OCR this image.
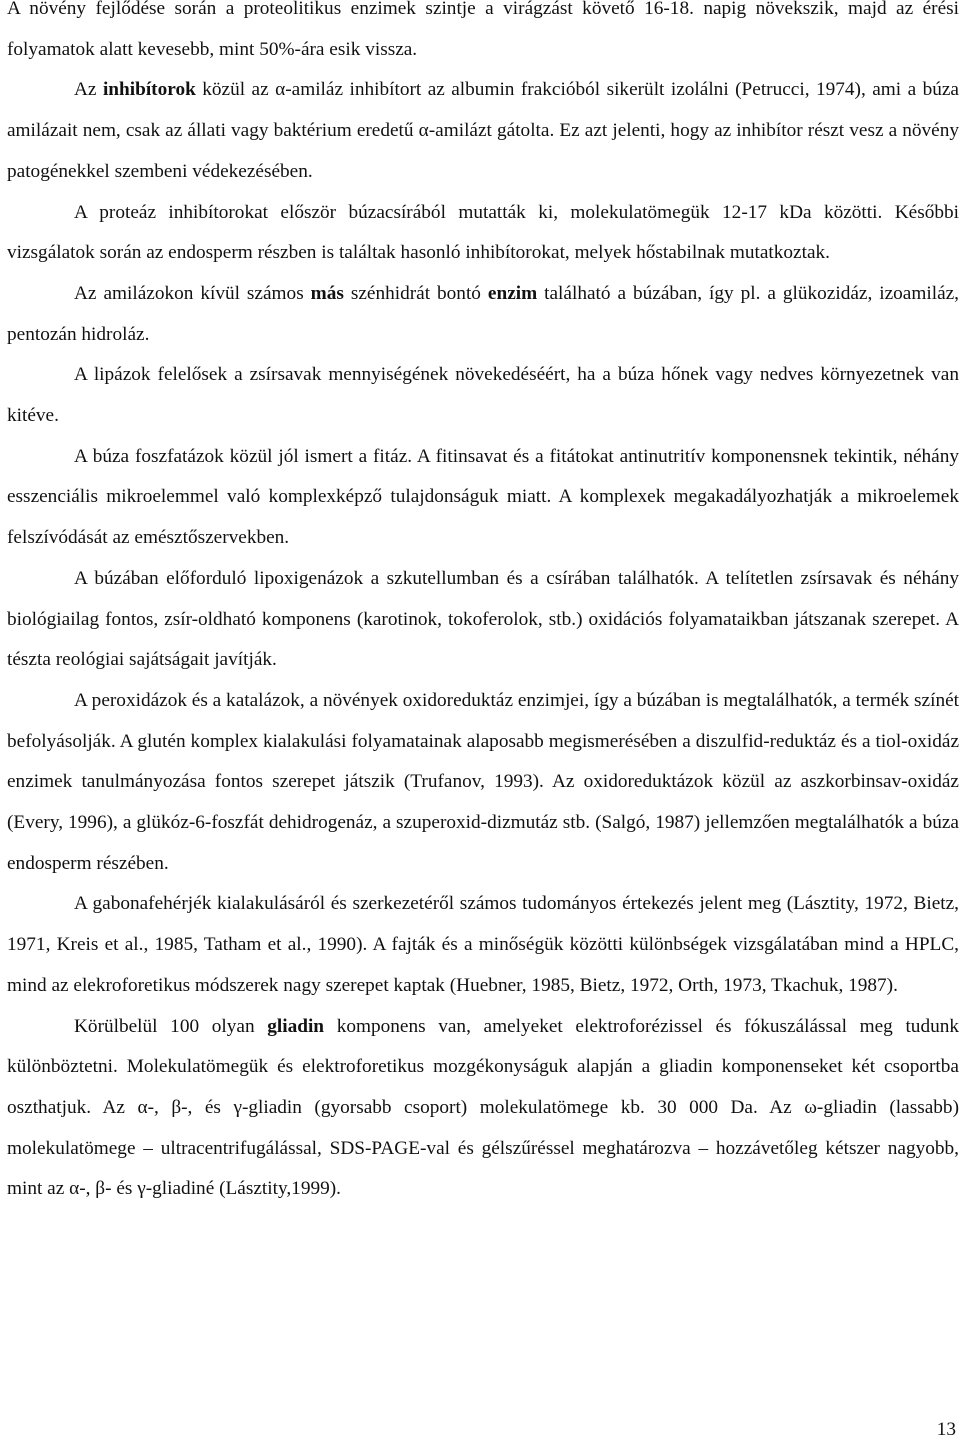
A növény fejlődése során a proteolitikus enzimek szintje a virágzást követő 16-18. napig növekszik, majd az érési folyamatok alatt kevesebb, mint 50%-ára esik vissza.

Az inhibítorok közül az α-amiláz inhibítort az albumin frakcióból sikerült izolálni (Petrucci, 1974), ami a búza amilázait nem, csak az állati vagy baktérium eredetű α-amilázt gátolta. Ez azt jelenti, hogy az inhibítor részt vesz a növény patogénekkel szembeni védekezésében.

A proteáz inhibítorokat először búzacsírából mutatták ki, molekulatömegük 12-17 kDa közötti. Későbbi vizsgálatok során az endosperm részben is találtak hasonló inhibítorokat, melyek hőstabilnak mutatkoztak.

Az amilázokon kívül számos más szénhidrát bontó enzim található a búzában, így pl. a glükozidáz, izoamiláz, pentozán hidroláz.

A lipázok felelősek a zsírsavak mennyiségének növekedéséért, ha a búza hőnek vagy nedves környezetnek van kitéve.

A búza foszfatázok közül jól ismert a fitáz. A fitinsavat és a fitátokat antinutritív komponensnek tekintik, néhány esszenciális mikroelemmel való komplexképző tulajdonságuk miatt. A komplexek megakadályozhatják a mikroelemek felszívódását az emésztőszervekben.

A búzában előforduló lipoxigenázok a szkutellumban és a csírában találhatók. A telítetlen zsírsavak és néhány biológiailag fontos, zsír-oldható komponens (karotinok, tokoferolok, stb.) oxidációs folyamataikban játszanak szerepet. A tészta reológiai sajátságait javítják.

A peroxidázok és a katalázok, a növények oxidoreduktáz enzimjei, így a búzában is megtalálhatók, a termék színét befolyásolják. A glutén komplex kialakulási folyamatainak alaposabb megismerésében a diszulfid-reduktáz és a tiol-oxidáz enzimek tanulmányozása fontos szerepet játszik (Trufanov, 1993). Az oxidoreduktázok közül az aszkorbinsav-oxidáz (Every, 1996), a glükóz-6-foszfát dehidrogenáz, a szuperoxid-dizmutáz stb. (Salgó, 1987) jellemzően megtalálhatók a búza endosperm részében.

A gabonafehérjék kialakulásáról és szerkezetéről számos tudományos értekezés jelent meg (Lásztity, 1972, Bietz, 1971, Kreis et al., 1985, Tatham et al., 1990). A fajták és a minőségük közötti különbségek vizsgálatában mind a HPLC, mind az elekroforetikus módszerek nagy szerepet kaptak (Huebner, 1985, Bietz, 1972, Orth, 1973, Tkachuk, 1987).

Körülbelül 100 olyan gliadin komponens van, amelyeket elektroforézissel és fókuszálással meg tudunk különböztetni. Molekulatömegük és elektroforetikus mozgékonyságuk alapján a gliadin komponenseket két csoportba oszthatjuk. Az α-, β-, és γ-gliadin (gyorsabb csoport) molekulatömege kb. 30 000 Da. Az ω-gliadin (lassabb) molekulatömege – ultracentrifugálással, SDS-PAGE-val és gélszűréssel meghatározva – hozzávetőleg kétszer nagyobb, mint az α-, β- és γ-gliadiné (Lásztity,1999).

13
